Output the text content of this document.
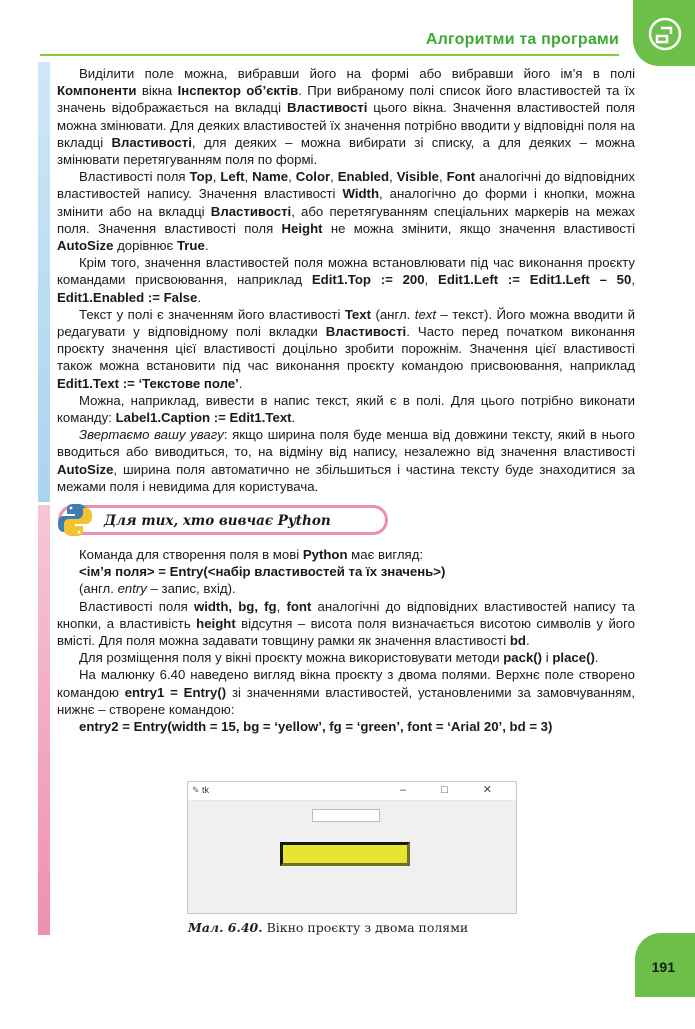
Алгоритми та програми

Виділити поле можна, вибравши його на формі або вибравши його ім’я в полі Компоненти вікна Інспектор об’єктів. При вибраному полі список його властивостей та їх значень відображається на вкладці Властивості цього вікна. Значення властивостей поля можна змінювати. Для деяких властивостей їх значення потрібно вводити у відповідні поля на вкладці Властивості, для деяких – можна вибирати зі списку, а для деяких – можна змінювати перетягуванням поля по формі.

Властивості поля Top, Left, Name, Color, Enabled, Visible, Font аналогічні до відповідних властивостей напису. Значення властивості Width, аналогічно до форми і кнопки, можна змінити або на вкладці Властивості, або перетягуванням спеціальних маркерів на межах поля. Значення властивості поля Height не можна змінити, якщо значення властивості AutoSize дорівнює True.

Крім того, значення властивостей поля можна встановлювати під час виконання проєкту командами присвоювання, наприклад Edit1.Top := 200, Edit1.Left := Edit1.Left – 50, Edit1.Enabled := False.

Текст у полі є значенням його властивості Text (англ. text – текст). Його можна вводити й редагувати у відповідному полі вкладки Властивості. Часто перед початком виконання проєкту значення цієї властивості доцільно зробити порожнім. Значення цієї властивості також можна встановити під час виконання проєкту командою присвоювання, наприклад Edit1.Text := ‘Текстове поле’.

Можна, наприклад, вивести в напис текст, який є в полі. Для цього потрібно виконати команду: Label1.Caption := Edit1.Text.

Звертаємо вашу увагу: якщо ширина поля буде менша від довжини тексту, який в нього вводиться або виводиться, то, на відміну від напису, незалежно від значення властивості AutoSize, ширина поля автоматично не збільшиться і частина тексту буде знаходитися за межами поля і невидима для користувача.

Для тих, хто вивчає Python

Команда для створення поля в мові Python має вигляд:

<ім’я поля> = Entry(<набір властивостей та їх значень>)

(англ. entry – запис, вхід).

Властивості поля width, bg, fg, font аналогічні до відповідних властивостей напису та кнопки, а властивість height відсутня – висота поля визначається висотою символів у його вмісті. Для поля можна задавати товщину рамки як значення властивості bd.

Для розміщення поля у вікні проєкту можна використовувати методи pack() і place().

На малюнку 6.40 наведено вигляд вікна проєкту з двома полями. Верхнє поле створено командою entry1 = Entry() зі значеннями властивостей, установленими за замовчуванням, нижнє – створене командою:

entry2 = Entry(width = 15, bg = ‘yellow’, fg = ‘green’, font = ‘Arial 20’, bd = 3)

✎ tk	– □ ✕
Мал. 6.40. Вікно проєкту з двома полями
191
